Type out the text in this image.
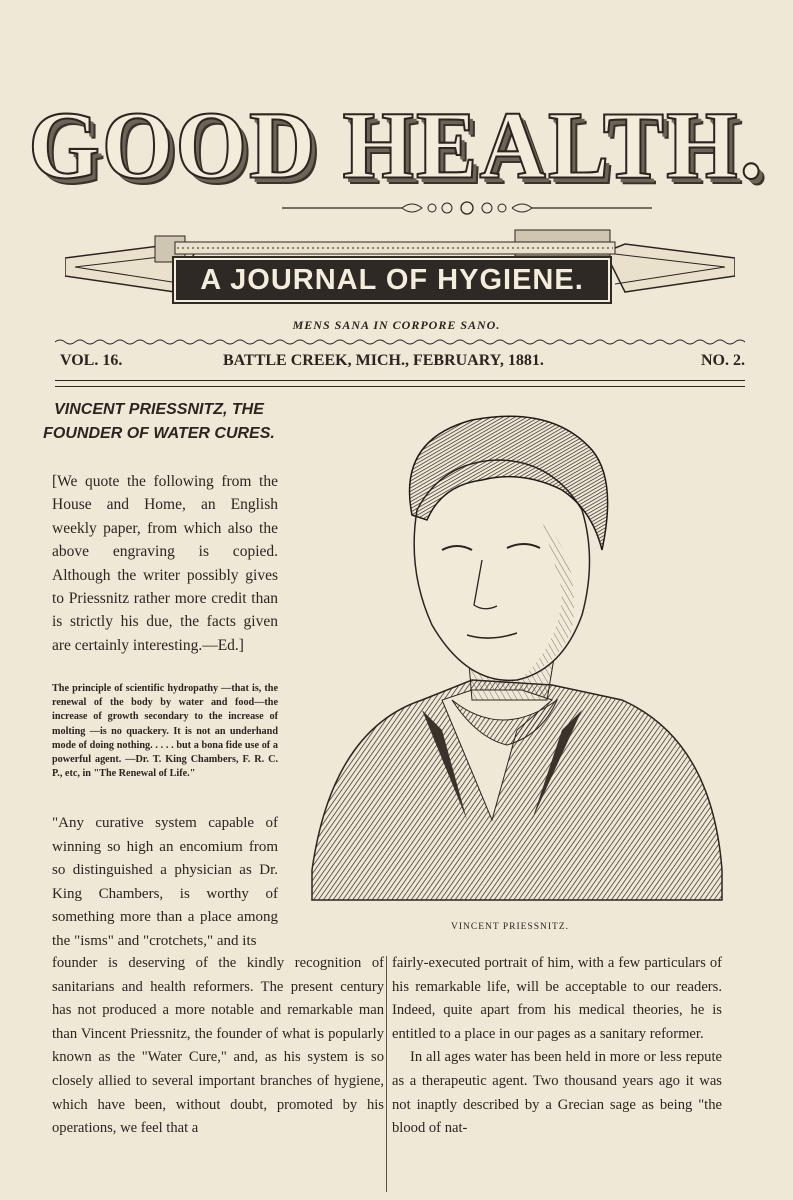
GOOD HEALTH.
A JOURNAL OF HYGIENE.
MENS SANA IN CORPORE SANO.
VOL. 16.	BATTLE CREEK, MICH., FEBRUARY, 1881.	NO. 2.
VINCENT PRIESSNITZ, THE FOUNDER OF WATER CURES.
[We quote the following from the House and Home, an English weekly paper, from which also the above engraving is copied. Although the writer possibly gives to Priessnitz rather more credit than is strictly his due, the facts given are certainly interesting.—Ed.]
The principle of scientific hydropathy —that is, the renewal of the body by water and food—the increase of growth secondary to the increase of molting —is no quackery. It is not an underhand mode of doing nothing. . . . . but a bona fide use of a powerful agent. —Dr. T. King Chambers, F. R. C. P., etc, in "The Renewal of Life."
"Any curative system capable of winning so high an encomium from so distinguished a physician as Dr. King Chambers, is worthy of something more than a place among the "isms" and "crotchets," and its
founder is deserving of the kindly recognition of sanitarians and health reformers. The present century has not produced a more notable and remarkable man than Vincent Priessnitz, the founder of what is popularly known as the "Water Cure," and, as his system is so closely allied to several important branches of hygiene, which have been, without doubt, promoted by his operations, we feel that a

fairly-executed portrait of him, with a few particulars of his remarkable life, will be acceptable to our readers. Indeed, quite apart from his medical theories, he is entitled to a place in our pages as a sanitary reformer.

In all ages water has been held in more or less repute as a therapeutic agent. Two thousand years ago it was not inaptly described by a Grecian sage as being "the blood of nat-

VINCENT PRIESSNITZ.
